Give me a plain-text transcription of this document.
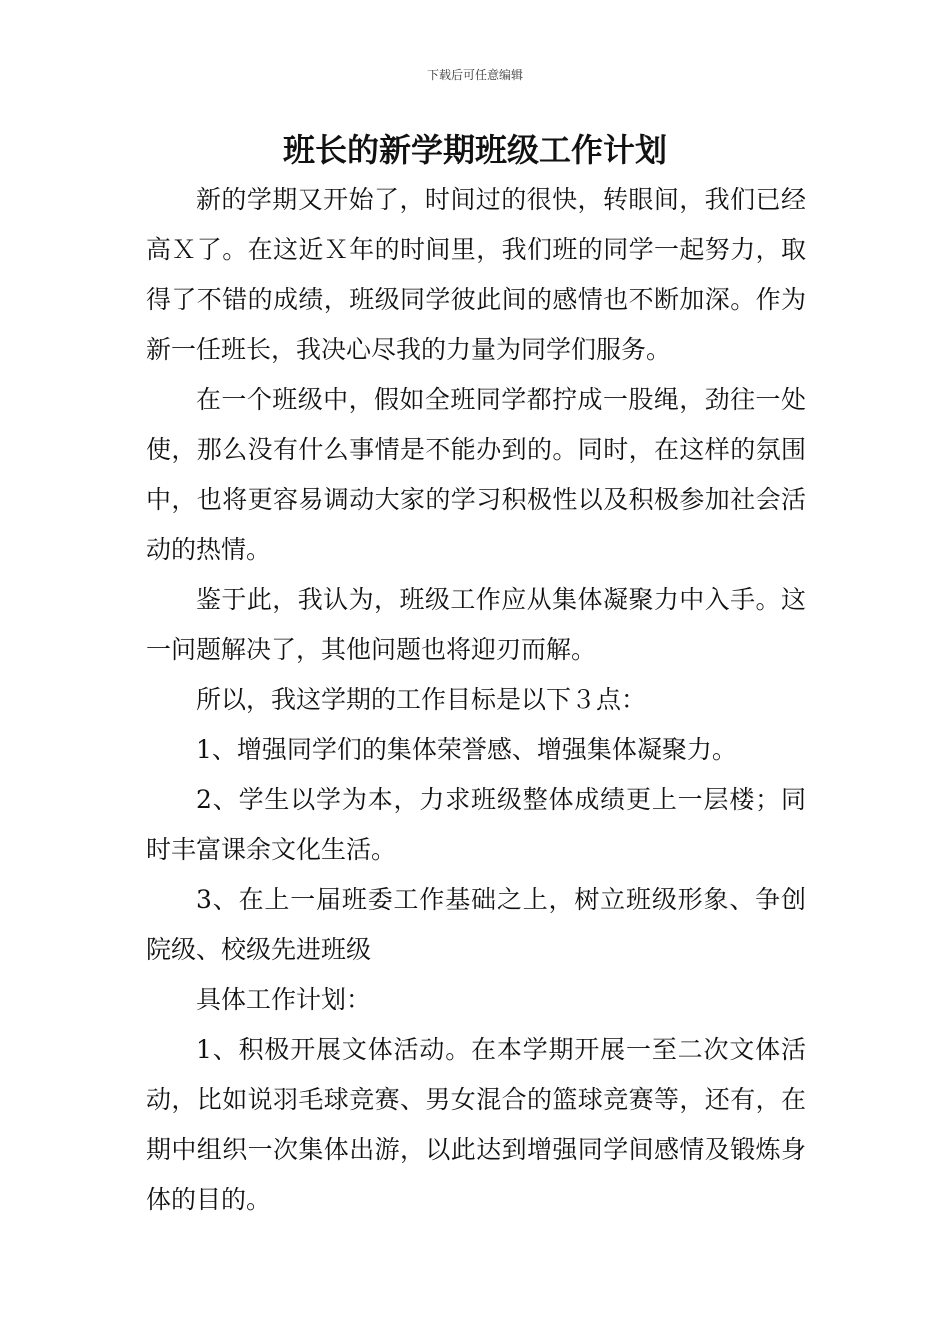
下载后可任意编辑
班长的新学期班级工作计划

新的学期又开始了，时间过的很快，转眼间，我们已经高Ｘ了。在这近Ｘ年的时间里，我们班的同学一起努力，取得了不错的成绩，班级同学彼此间的感情也不断加深。作为新一任班长，我决心尽我的力量为同学们服务。

在一个班级中，假如全班同学都拧成一股绳，劲往一处使，那么没有什么事情是不能办到的。同时，在这样的氛围中，也将更容易调动大家的学习积极性以及积极参加社会活动的热情。

鉴于此，我认为，班级工作应从集体凝聚力中入手。这一问题解决了，其他问题也将迎刃而解。

所以，我这学期的工作目标是以下３点：

1、增强同学们的集体荣誉感、增强集体凝聚力。

2、学生以学为本，力求班级整体成绩更上一层楼；同时丰富课余文化生活。

3、在上一届班委工作基础之上，树立班级形象、争创院级、校级先进班级

具体工作计划：

1、积极开展文体活动。在本学期开展一至二次文体活动，比如说羽毛球竞赛、男女混合的篮球竞赛等，还有，在期中组织一次集体出游，以此达到增强同学间感情及锻炼身体的目的。
